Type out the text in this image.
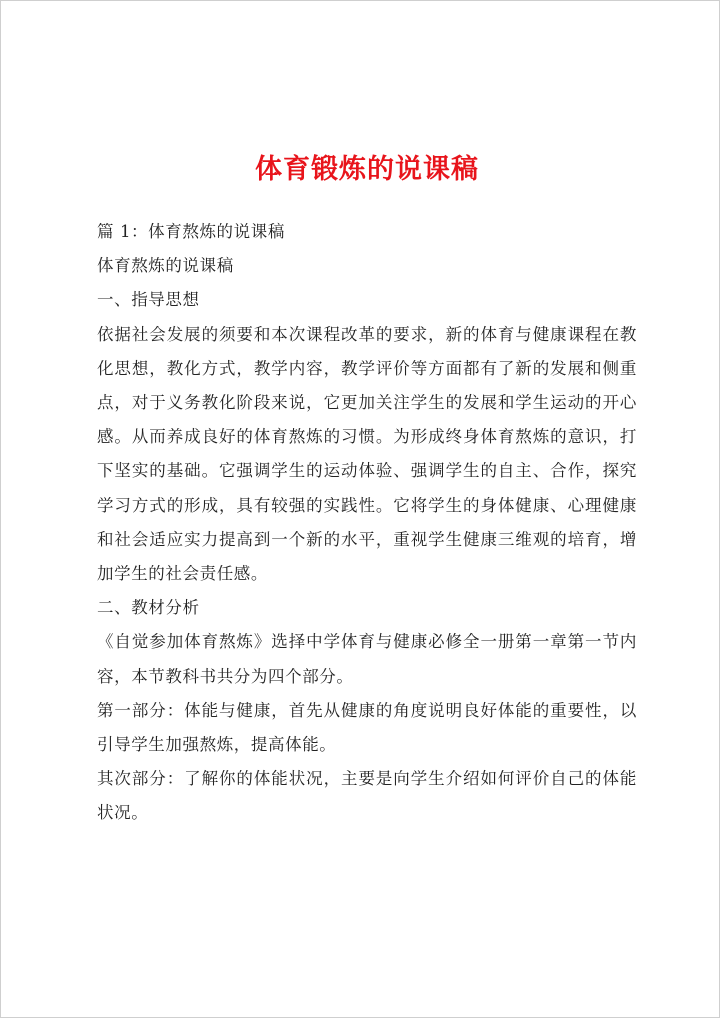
体育锻炼的说课稿

篇 1：体育熬炼的说课稿

体育熬炼的说课稿

一、指导思想

依据社会发展的须要和本次课程改革的要求，新的体育与健康课程在教化思想，教化方式，教学内容，教学评价等方面都有了新的发展和侧重点，对于义务教化阶段来说，它更加关注学生的发展和学生运动的开心感。从而养成良好的体育熬炼的习惯。为形成终身体育熬炼的意识，打下坚实的基础。它强调学生的运动体验、强调学生的自主、合作，探究学习方式的形成，具有较强的实践性。它将学生的身体健康、心理健康和社会适应实力提高到一个新的水平，重视学生健康三维观的培育，增加学生的社会责任感。

二、教材分析

《自觉参加体育熬炼》选择中学体育与健康必修全一册第一章第一节内容，本节教科书共分为四个部分。

第一部分：体能与健康，首先从健康的角度说明良好体能的重要性，以引导学生加强熬炼，提高体能。

其次部分：了解你的体能状况，主要是向学生介绍如何评价自己的体能状况。
